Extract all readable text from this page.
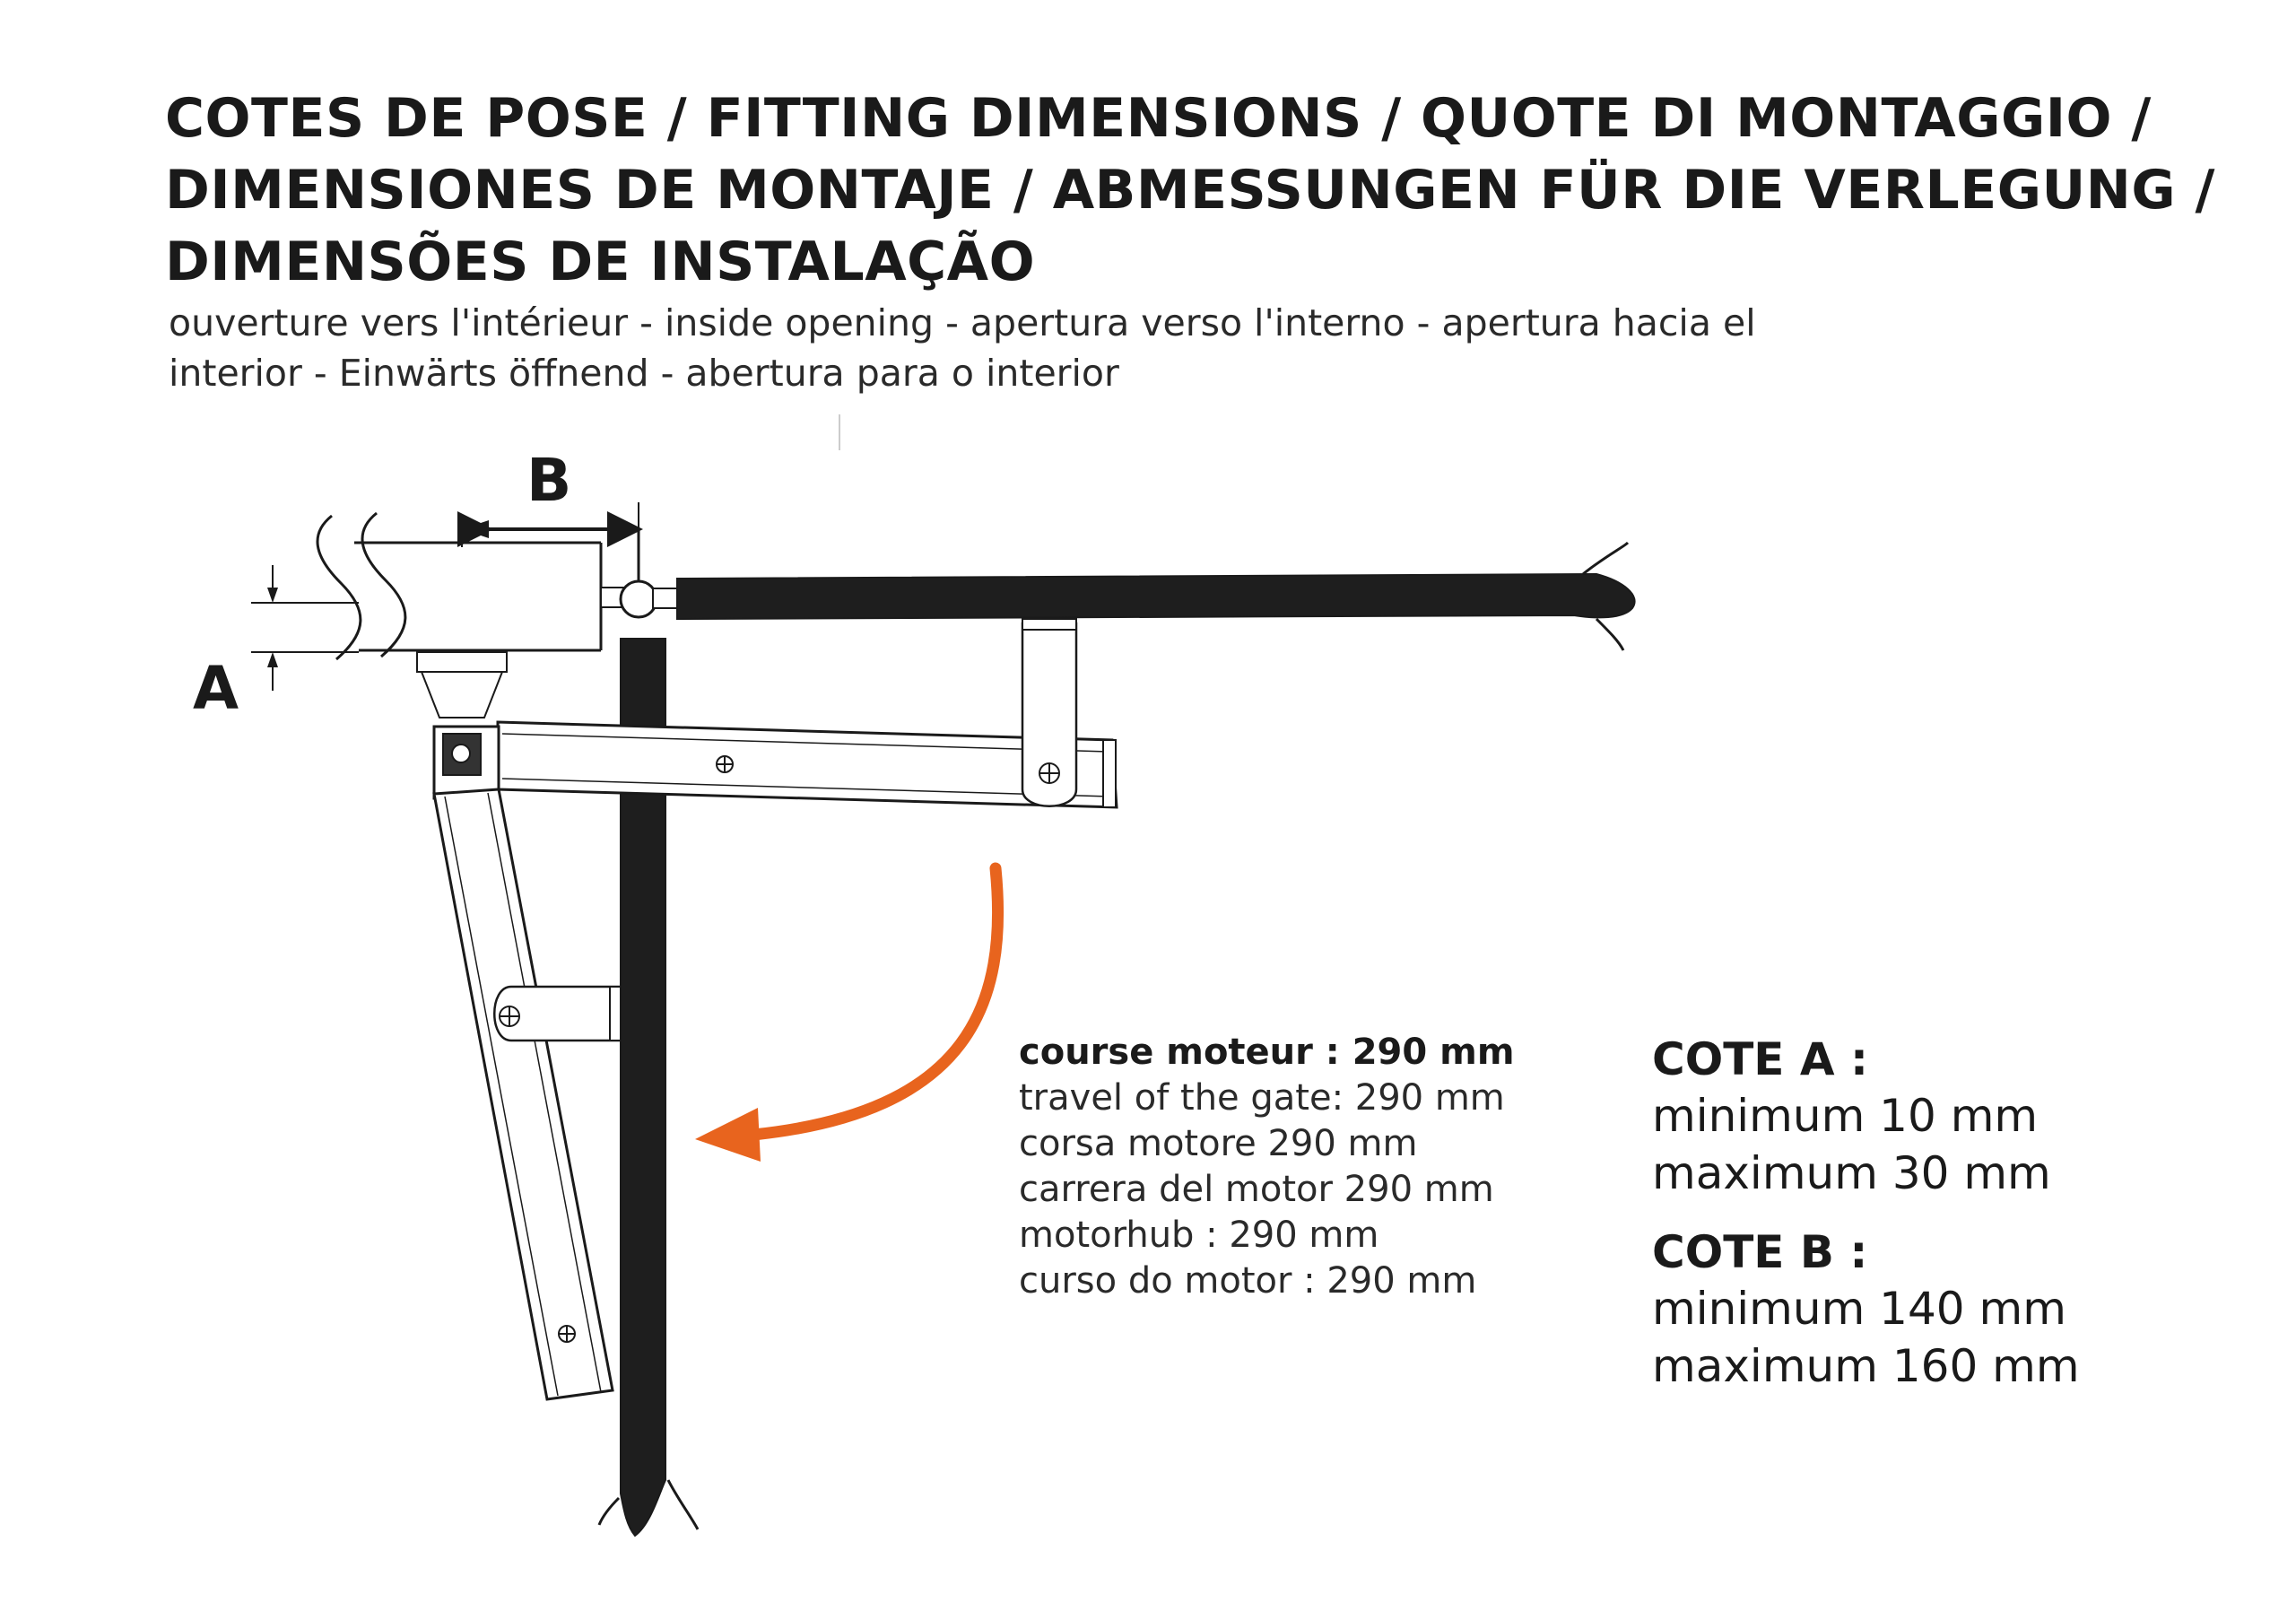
COTES DE POSE / FITTING DIMENSIONS / QUOTE DI MONTAGGIO /
DIMENSIONES DE MONTAJE / ABMESSUNGEN FÜR DIE VERLEGUNG /
DIMENSÕES DE INSTALAÇÃO
ouverture vers l'intérieur - inside opening - apertura verso l'interno - apertura hacia el
interior - Einwärts öffnend - abertura para o interior
B
A
course moteur : 290 mm
travel of the gate: 290 mm
corsa motore 290 mm
carrera del motor 290 mm
motorhub : 290 mm
curso do motor : 290 mm
COTE A :
minimum 10 mm
maximum 30 mm
COTE B :
minimum 140 mm
maximum 160 mm
